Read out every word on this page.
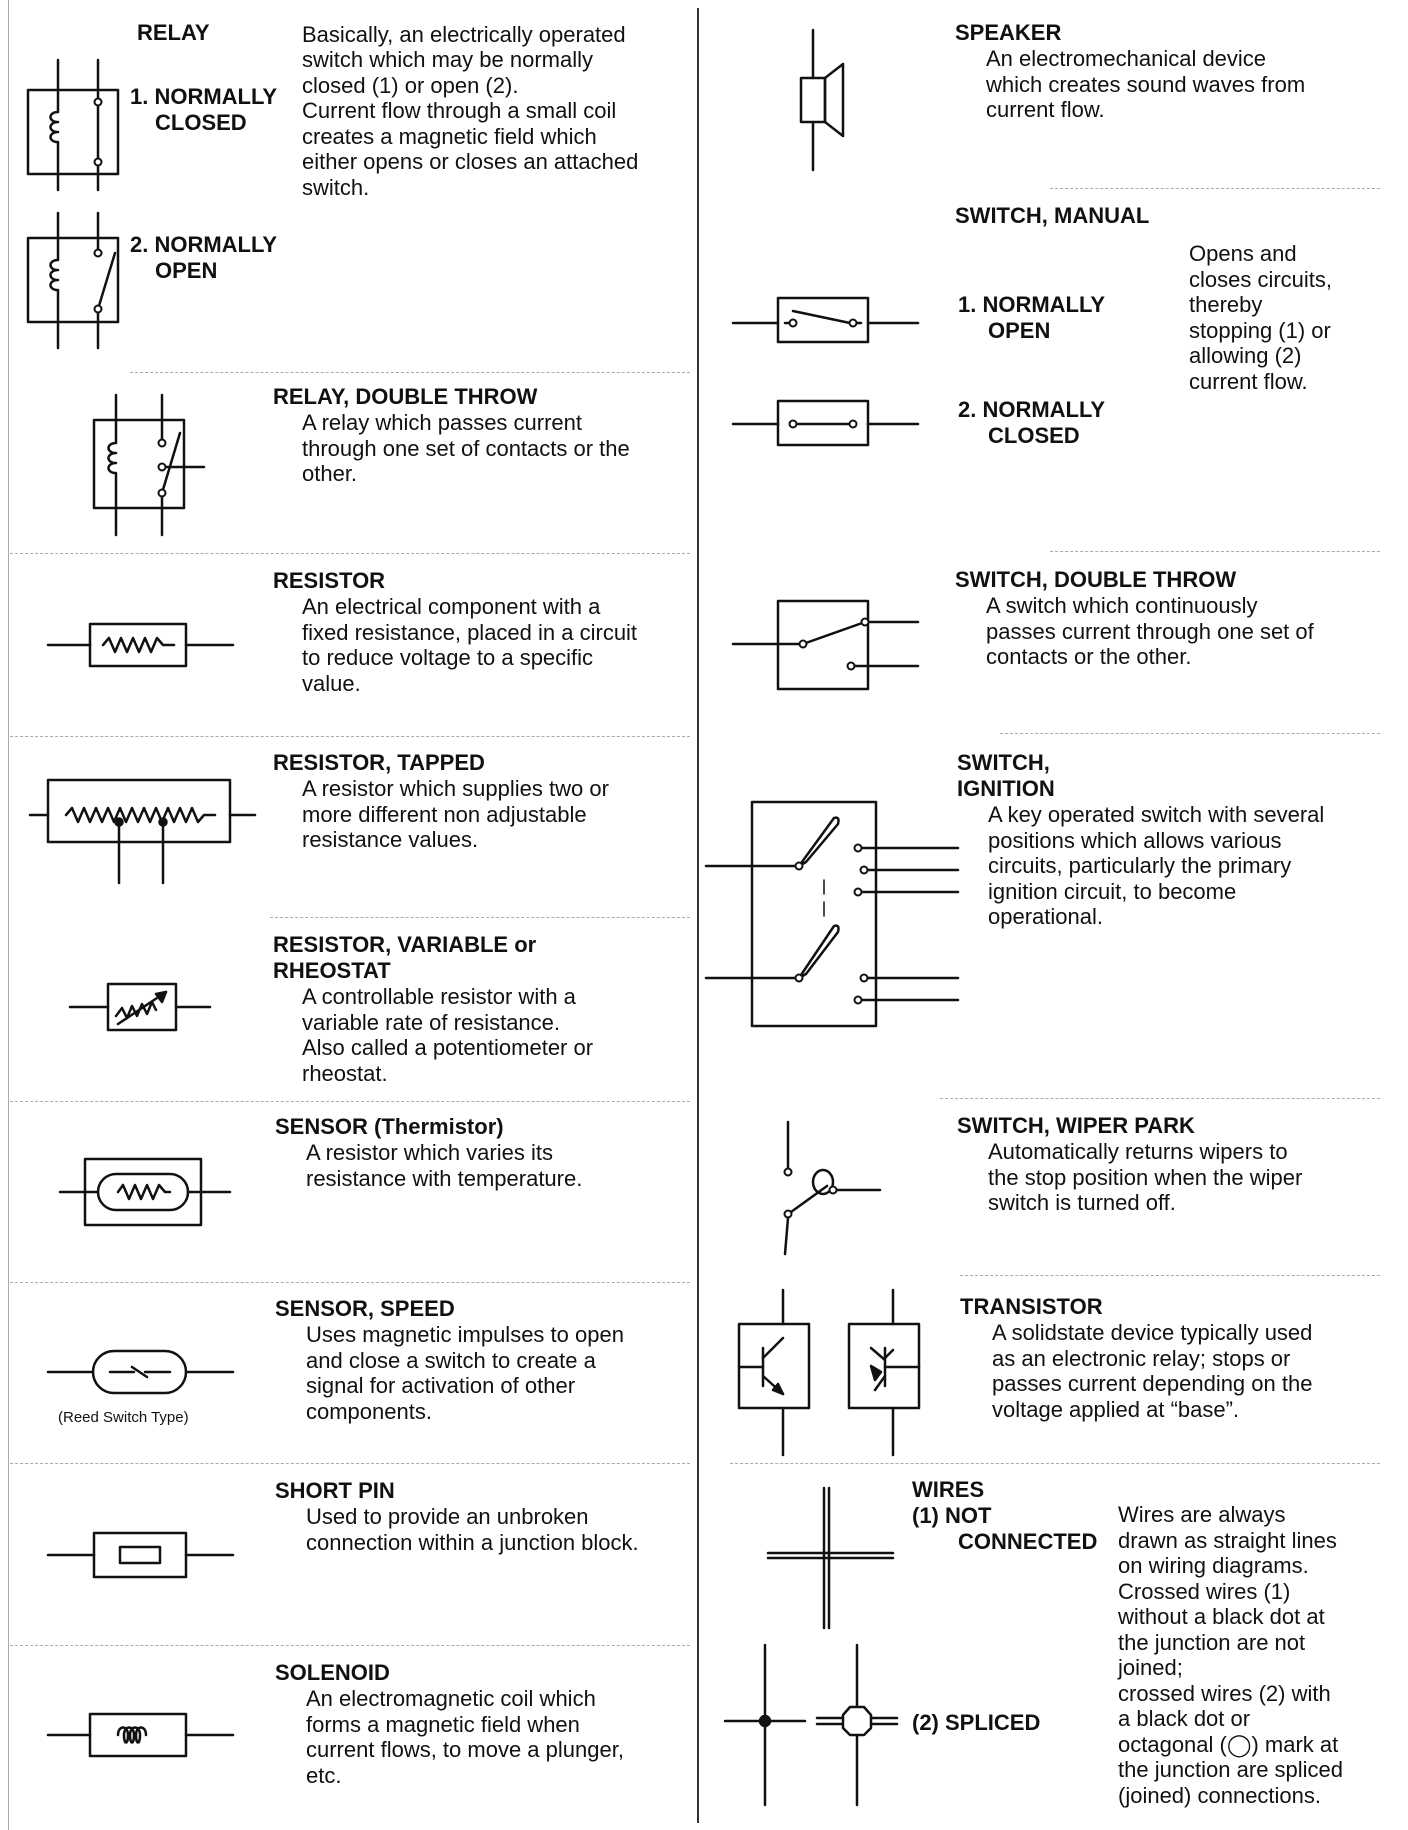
RELAY	Basically, an electrically operated
switch which may be normally
closed (1) or open (2).
Current flow through a small coil
creates a magnetic field which
either opens or closes an attached
switch.
1. NORMALLY
CLOSED
2. NORMALLY
OPEN
RELAY, DOUBLE THROW
A relay which passes current
through one set of contacts or the
other.
RESISTOR
An electrical component with a
fixed resistance, placed in a circuit
to reduce voltage to a specific
value.
RESISTOR, TAPPED
A resistor which supplies two or
more different non adjustable
resistance values.
RESISTOR, VARIABLE or
RHEOSTAT
A controllable resistor with a
variable rate of resistance.
Also called a potentiometer or
rheostat.
SENSOR (Thermistor)
A resistor which varies its
resistance with temperature.
SENSOR, SPEED
Uses magnetic impulses to open
and close a switch to create a
signal for activation of other
components.
(Reed Switch Type)
SHORT PIN
Used to provide an unbroken
connection within a junction block.
SOLENOID
An electromagnetic coil which
forms a magnetic field when
current flows, to move a plunger,
etc.
SPEAKER
An electromechanical device
which creates sound waves from
current flow.
SWITCH, MANUAL
Opens and
closes circuits,
thereby
stopping (1) or
allowing (2)
current flow.
1. NORMALLY
OPEN
2. NORMALLY
CLOSED
SWITCH, DOUBLE THROW
A switch which continuously
passes current through one set of
contacts or the other.
SWITCH,
IGNITION
A key operated switch with several
positions which allows various
circuits, particularly the primary
ignition circuit, to become
operational.
SWITCH, WIPER PARK
Automatically returns wipers to
the stop position when the wiper
switch is turned off.
TRANSISTOR
A solidstate device typically used
as an electronic relay; stops or
passes current depending on the
voltage applied at “base”.
WIRES
(1) NOT
CONNECTED
(2) SPLICED
Wires are always
drawn as straight lines
on wiring diagrams.
Crossed wires (1)
without a black dot at
the junction are not
joined;
crossed wires (2) with
a black dot or
octagonal (◯) mark at
the junction are spliced
(joined) connections.
